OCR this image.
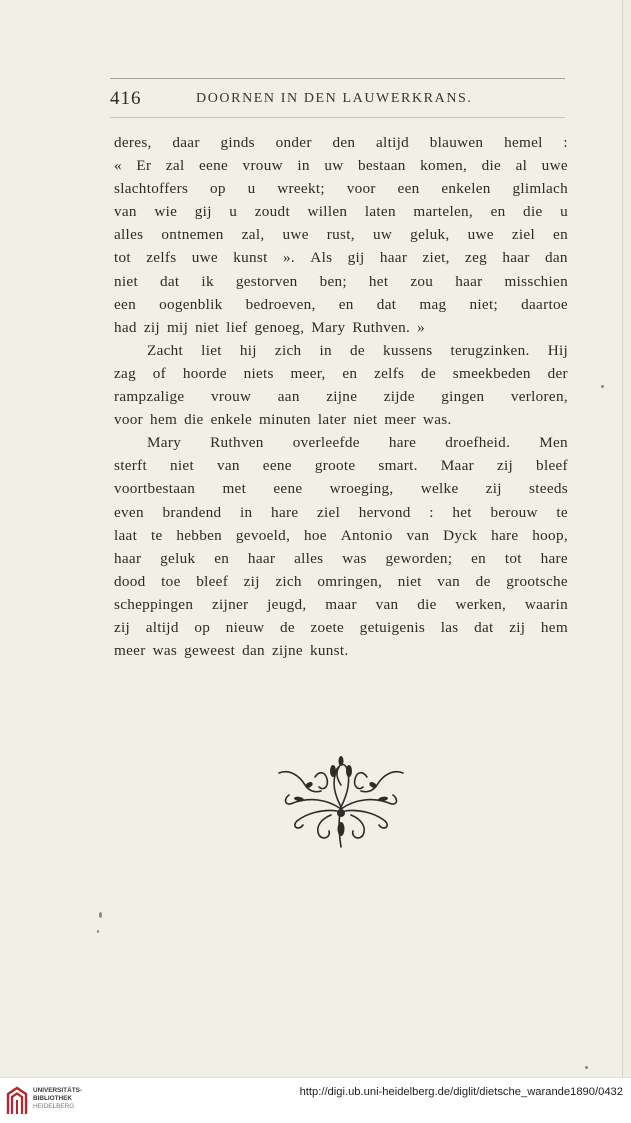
416	DOORNEN IN DEN LAUWERKRANS.
deres, daar ginds onder den altijd blauwen hemel :
« Er zal eene vrouw in uw bestaan komen, die al uwe
slachtoffers op u wreekt; voor een enkelen glimlach
van wie gij u zoudt willen laten martelen, en die u
alles ontnemen zal, uwe rust, uw geluk, uwe ziel en
tot zelfs uwe kunst ». Als gij haar ziet, zeg haar dan
niet dat ik gestorven ben; het zou haar misschien
een oogenblik bedroeven, en dat mag niet; daartoe
had zij mij niet lief genoeg, Mary Ruthven. »
Zacht liet hij zich in de kussens terugzinken. Hij
zag of hoorde niets meer, en zelfs de smeekbeden der
rampzalige vrouw aan zijne zijde gingen verloren,
voor hem die enkele minuten later niet meer was.
Mary Ruthven overleefde hare droefheid. Men
sterft niet van eene groote smart. Maar zij bleef
voortbestaan met eene wroeging, welke zij steeds
even brandend in hare ziel hervond : het berouw te
laat te hebben gevoeld, hoe Antonio van Dyck hare hoop,
haar geluk en haar alles was geworden; en tot hare
dood toe bleef zij zich omringen, niet van de grootsche
scheppingen zijner jeugd, maar van die werken, waarin
zij altijd op nieuw de zoete getuigenis las dat zij hem
meer was geweest dan zijne kunst.
UNIVERSITÄTS-
BIBLIOTHEK
HEIDELBERG
http://digi.ub.uni-heidelberg.de/diglit/dietsche_warande1890/0432
